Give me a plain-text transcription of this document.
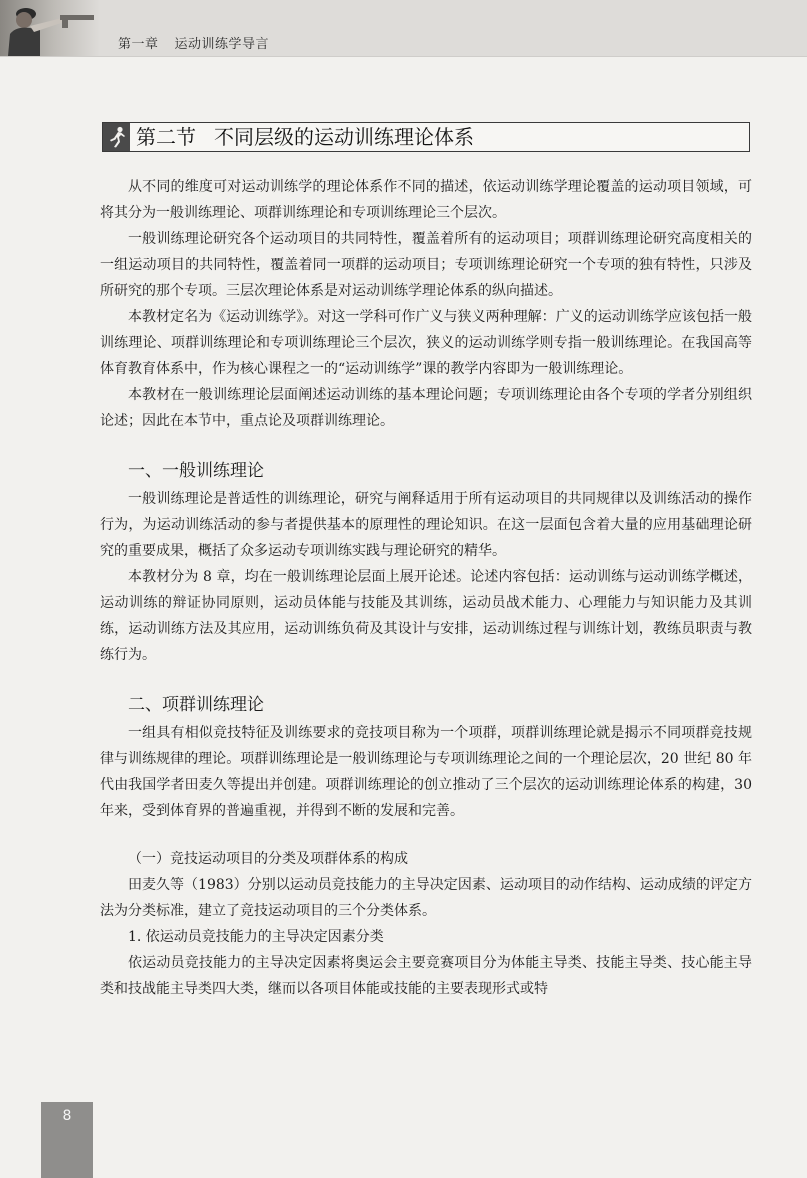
第一章 运动训练学导言
第二节 不同层级的运动训练理论体系

从不同的维度可对运动训练学的理论体系作不同的描述，依运动训练学理论覆盖的运动项目领域，可将其分为一般训练理论、项群训练理论和专项训练理论三个层次。

一般训练理论研究各个运动项目的共同特性，覆盖着所有的运动项目；项群训练理论研究高度相关的一组运动项目的共同特性，覆盖着同一项群的运动项目；专项训练理论研究一个专项的独有特性，只涉及所研究的那个专项。三层次理论体系是对运动训练学理论体系的纵向描述。

本教材定名为《运动训练学》。对这一学科可作广义与狭义两种理解：广义的运动训练学应该包括一般训练理论、项群训练理论和专项训练理论三个层次，狭义的运动训练学则专指一般训练理论。在我国高等体育教育体系中，作为核心课程之一的“运动训练学”课的教学内容即为一般训练理论。

本教材在一般训练理论层面阐述运动训练的基本理论问题；专项训练理论由各个专项的学者分别组织论述；因此在本节中，重点论及项群训练理论。

一、一般训练理论

一般训练理论是普适性的训练理论，研究与阐释适用于所有运动项目的共同规律以及训练活动的操作行为，为运动训练活动的参与者提供基本的原理性的理论知识。在这一层面包含着大量的应用基础理论研究的重要成果，概括了众多运动专项训练实践与理论研究的精华。

本教材分为 8 章，均在一般训练理论层面上展开论述。论述内容包括：运动训练与运动训练学概述，运动训练的辩证协同原则，运动员体能与技能及其训练，运动员战术能力、心理能力与知识能力及其训练，运动训练方法及其应用，运动训练负荷及其设计与安排，运动训练过程与训练计划，教练员职责与教练行为。

二、项群训练理论

一组具有相似竞技特征及训练要求的竞技项目称为一个项群，项群训练理论就是揭示不同项群竞技规律与训练规律的理论。项群训练理论是一般训练理论与专项训练理论之间的一个理论层次，20 世纪 80 年代由我国学者田麦久等提出并创建。项群训练理论的创立推动了三个层次的运动训练理论体系的构建，30 年来，受到体育界的普遍重视，并得到不断的发展和完善。

（一）竞技运动项目的分类及项群体系的构成

田麦久等（1983）分别以运动员竞技能力的主导决定因素、运动项目的动作结构、运动成绩的评定方法为分类标准，建立了竞技运动项目的三个分类体系。

1. 依运动员竞技能力的主导决定因素分类

依运动员竞技能力的主导决定因素将奥运会主要竞赛项目分为体能主导类、技能主导类、技心能主导类和技战能主导类四大类，继而以各项目体能或技能的主要表现形式或特

8
